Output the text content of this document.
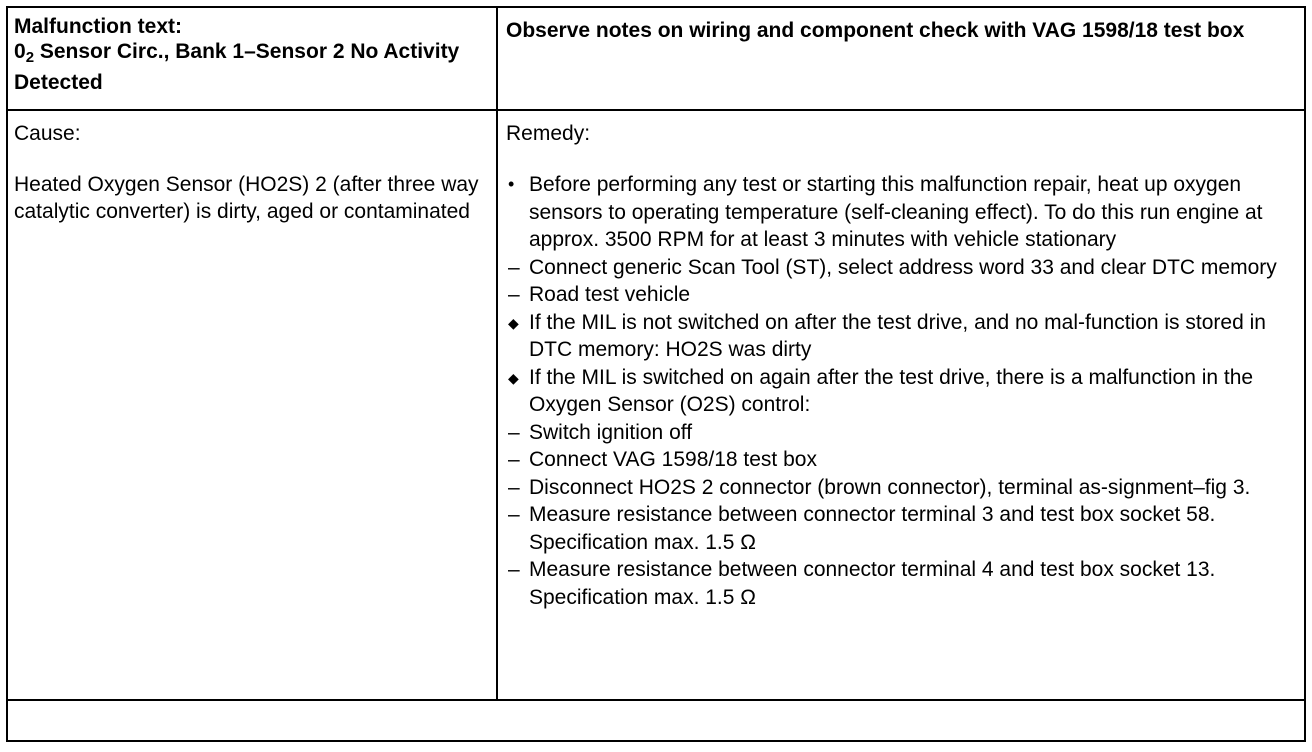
Malfunction text:
$0_2$ Sensor Circ., Bank 1–Sensor 2 No Activity Detected
Observe notes on wiring and component check with VAG 1598/18 test box
Cause:
Heated Oxygen Sensor (HO2S) 2 (after three way catalytic converter) is dirty, aged or contaminated
Remedy:
• Before performing any test or starting this malfunction repair, heat up oxygen sensors to operating temperature (self-cleaning effect). To do this run engine at approx. 3500 RPM for at least 3 minutes with vehicle stationary
– Connect generic Scan Tool (ST), select address word 33 and clear DTC memory
– Road test vehicle
◆ If the MIL is not switched on after the test drive, and no mal-function is stored in DTC memory: HO2S was dirty
◆ If the MIL is switched on again after the test drive, there is a malfunction in the Oxygen Sensor (O2S) control:
– Switch ignition off
– Connect VAG 1598/18 test box
– Disconnect HO2S 2 connector (brown connector), terminal as-signment–fig 3.
– Measure resistance between connector terminal 3 and test box socket 58. Specification max. 1.5 Ω
– Measure resistance between connector terminal 4 and test box socket 13. Specification max. 1.5 Ω
